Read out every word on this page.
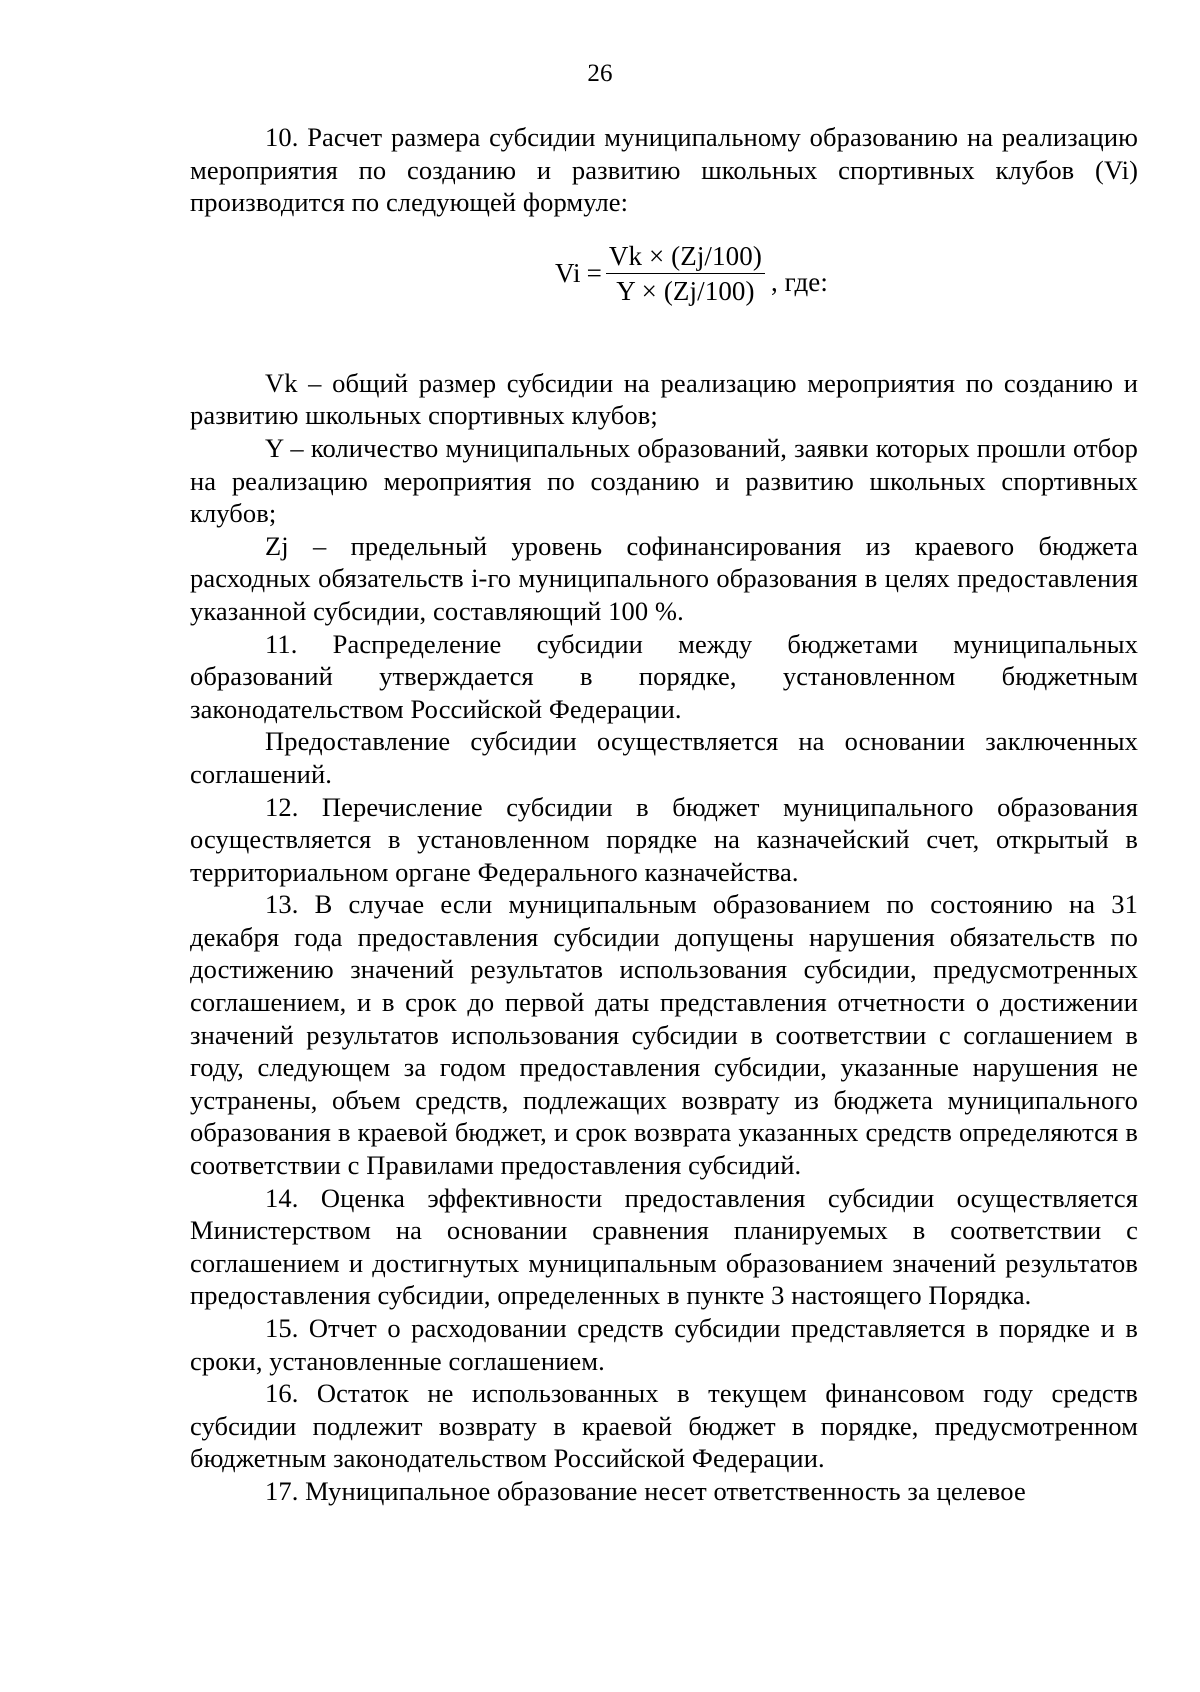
26

10. Расчет размера субсидии муниципальному образованию на реализацию мероприятия по созданию и развитию школьных спортивных клубов (Vi) производится по следующей формуле:

$Vi = \frac{Vk \times (Zj/100)}{Y \times (Zj/100)}$ , где:

Vk – общий размер субсидии на реализацию мероприятия по созданию и развитию школьных спортивных клубов;

Y – количество муниципальных образований, заявки которых прошли отбор на реализацию мероприятия по созданию и развитию школьных спортивных клубов;

Zj – предельный уровень софинансирования из краевого бюджета расходных обязательств i-го муниципального образования в целях предоставления указанной субсидии, составляющий 100 %.

11. Распределение субсидии между бюджетами муниципальных образований утверждается в порядке, установленном бюджетным законодательством Российской Федерации.

Предоставление субсидии осуществляется на основании заключенных соглашений.

12. Перечисление субсидии в бюджет муниципального образования осуществляется в установленном порядке на казначейский счет, открытый в территориальном органе Федерального казначейства.

13. В случае если муниципальным образованием по состоянию на 31 декабря года предоставления субсидии допущены нарушения обязательств по достижению значений результатов использования субсидии, предусмотренных соглашением, и в срок до первой даты представления отчетности о достижении значений результатов использования субсидии в соответствии с соглашением в году, следующем за годом предоставления субсидии, указанные нарушения не устранены, объем средств, подлежащих возврату из бюджета муниципального образования в краевой бюджет, и срок возврата указанных средств определяются в соответствии с Правилами предоставления субсидий.

14. Оценка эффективности предоставления субсидии осуществляется Министерством на основании сравнения планируемых в соответствии с соглашением и достигнутых муниципальным образованием значений результатов предоставления субсидии, определенных в пункте 3 настоящего Порядка.

15. Отчет о расходовании средств субсидии представляется в порядке и в сроки, установленные соглашением.

16. Остаток не использованных в текущем финансовом году средств субсидии подлежит возврату в краевой бюджет в порядке, предусмотренном бюджетным законодательством Российской Федерации.

17. Муниципальное образование несет ответственность за целевое
